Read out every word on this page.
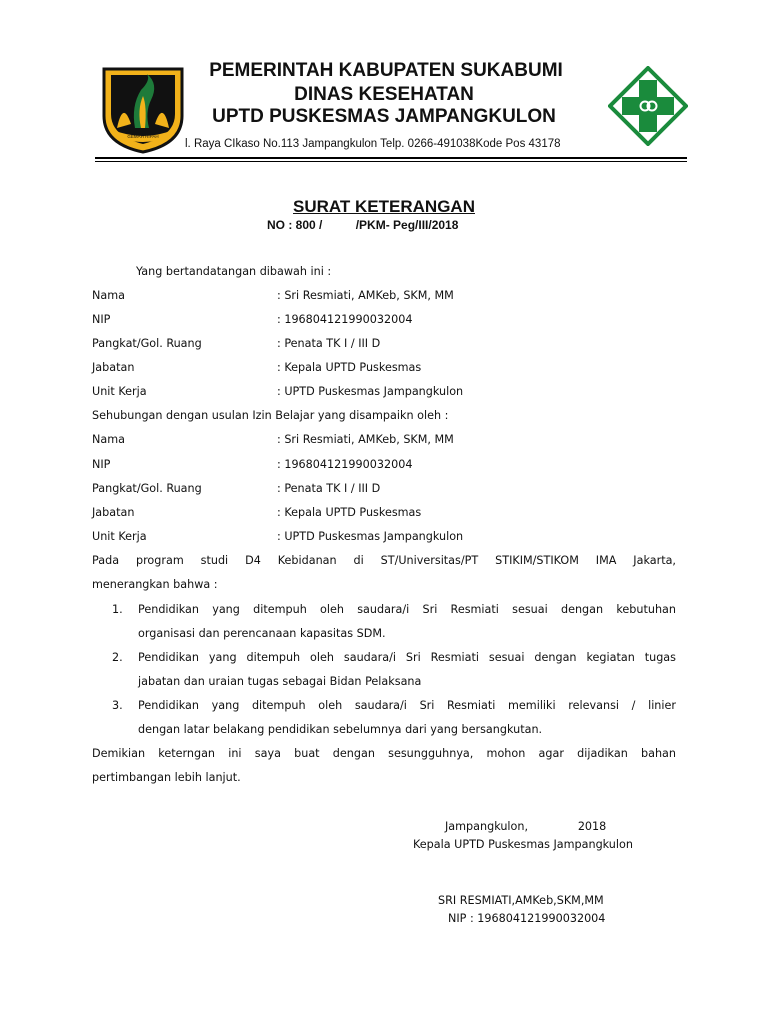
GEMAH RIPAH
PEMERINTAH KABUPATEN SUKABUMI
DINAS KESEHATAN
UPTD PUSKESMAS JAMPANGKULON
l. Raya CIkaso No.113 Jampangkulon Telp. 0266-491038Kode Pos 43178
SURAT KETERANGAN
NO : 800 /          /PKM- Peg/III/2018
Yang bertandatangan dibawah ini :
Nama	: Sri Resmiati, AMKeb, SKM, MM
NIP	: 196804121990032004
Pangkat/Gol. Ruang	: Penata TK I / III D
Jabatan	: Kepala UPTD Puskesmas
Unit Kerja	: UPTD Puskesmas Jampangkulon
Sehubungan dengan usulan Izin Belajar yang disampaikn oleh :
Nama	: Sri Resmiati, AMKeb, SKM, MM
NIP	: 196804121990032004
Pangkat/Gol. Ruang	: Penata TK I / III D
Jabatan	: Kepala UPTD Puskesmas
Unit Kerja	: UPTD Puskesmas Jampangkulon
Pada program studi D4 Kebidanan di ST/Universitas/PT STIKIM/STIKOM IMA Jakarta,
menerangkan bahwa :
1. Pendidikan yang ditempuh oleh saudara/i Sri Resmiati sesuai dengan kebutuhan
organisasi dan perencanaan kapasitas SDM.
2. Pendidikan yang ditempuh oleh saudara/i Sri Resmiati sesuai dengan kegiatan tugas
jabatan dan uraian tugas sebagai Bidan Pelaksana
3. Pendidikan yang ditempuh oleh saudara/i Sri Resmiati memiliki relevansi / linier
dengan latar belakang pendidikan sebelumnya dari yang bersangkutan.
Demikian keterngan ini saya buat dengan sesungguhnya, mohon agar dijadikan bahan
pertimbangan lebih lanjut.
Jampangkulon,              2018
Kepala UPTD Puskesmas Jampangkulon
SRI RESMIATI,AMKeb,SKM,MM
NIP : 196804121990032004
